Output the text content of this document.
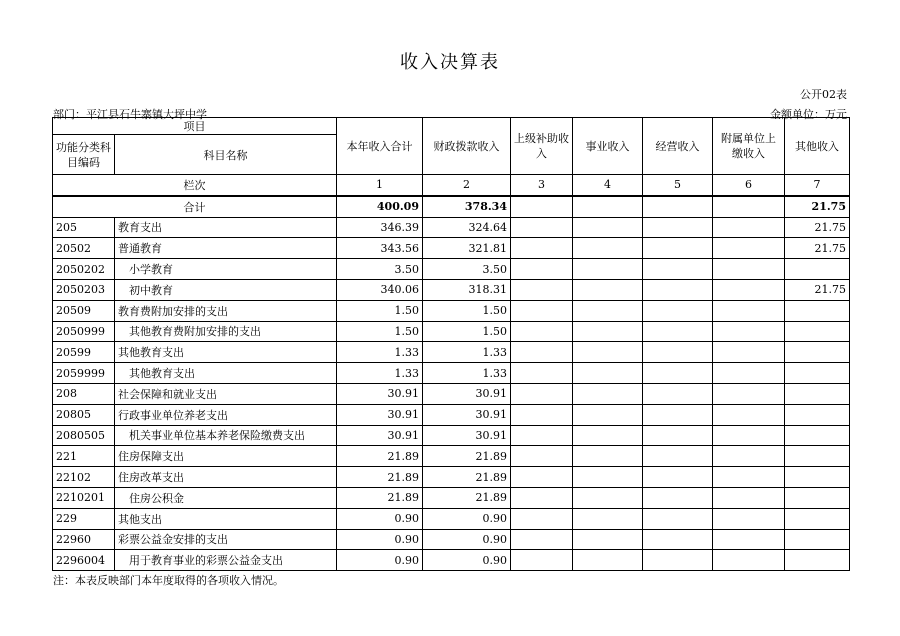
收入决算表
公开02表
部门：平江县石牛寨镇大坪中学	金额单位：万元
项目		本年收入合计	财政拨款收入	上级补助收入	事业收入	经营收入	附属单位上缴收入	其他收入

功能分类科目编码	科目名称							
栏次		1	2	3	4	5	6	7
合计		400.09	378.34					21.75
205	教育支出	346.39	324.64					21.75
20502	普通教育	343.56	321.81					21.75
2050202	小学教育	3.50	3.50					
2050203	初中教育	340.06	318.31					21.75
20509	教育费附加安排的支出	1.50	1.50					
2050999	其他教育费附加安排的支出	1.50	1.50					
20599	其他教育支出	1.33	1.33					
2059999	其他教育支出	1.33	1.33					
208	社会保障和就业支出	30.91	30.91					
20805	行政事业单位养老支出	30.91	30.91					
2080505	机关事业单位基本养老保险缴费支出	30.91	30.91					
221	住房保障支出	21.89	21.89					
22102	住房改革支出	21.89	21.89					
2210201	住房公积金	21.89	21.89					
229	其他支出	0.90	0.90					
22960	彩票公益金安排的支出	0.90	0.90					
2296004	用于教育事业的彩票公益金支出	0.90	0.90					
注：本表反映部门本年度取得的各项收入情况。
